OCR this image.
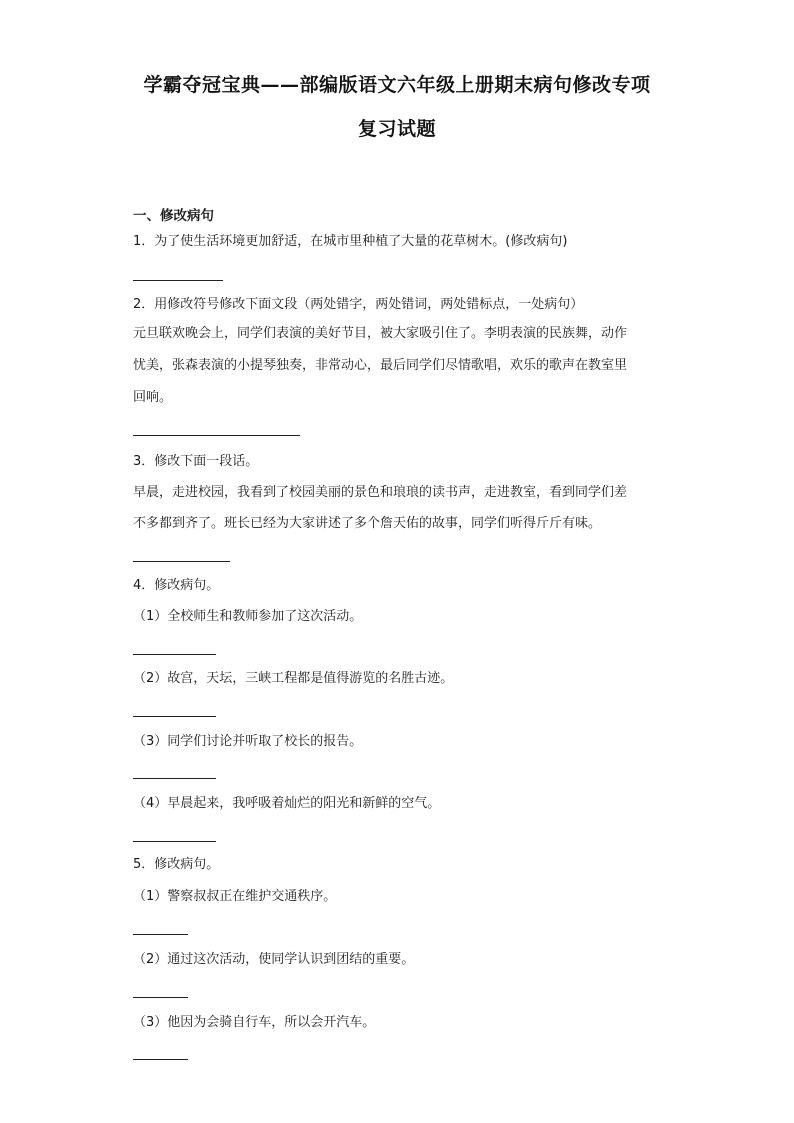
学霸夺冠宝典——部编版语文六年级上册期末病句修改专项
复习试题
一、修改病句
1．为了使生活环境更加舒适，在城市里种植了大量的花草树木。(修改病句)
2．用修改符号修改下面文段（两处错字，两处错词，两处错标点，一处病句）
元旦联欢晚会上，同学们表演的美好节目，被大家吸引住了。李明表演的民族舞，动作
忧美，张森表演的小提琴独奏，非常动心，最后同学们尽情歌唱，欢乐的歌声在教室里
回响。
3．修改下面一段话。
早晨，走进校园，我看到了校园美丽的景色和琅琅的读书声，走进教室，看到同学们差
不多都到齐了。班长已经为大家讲述了多个詹天佑的故事，同学们听得斤斤有味。
4．修改病句。
（1）全校师生和教师参加了这次活动。
（2）故宫，天坛，三峡工程都是值得游览的名胜古迹。
（3）同学们讨论并听取了校长的报告。
（4）早晨起来，我呼吸着灿烂的阳光和新鲜的空气。
5．修改病句。
（1）警察叔叔正在维护交通秩序。
（2）通过这次活动，使同学认识到团结的重要。
（3）他因为会骑自行车，所以会开汽车。
